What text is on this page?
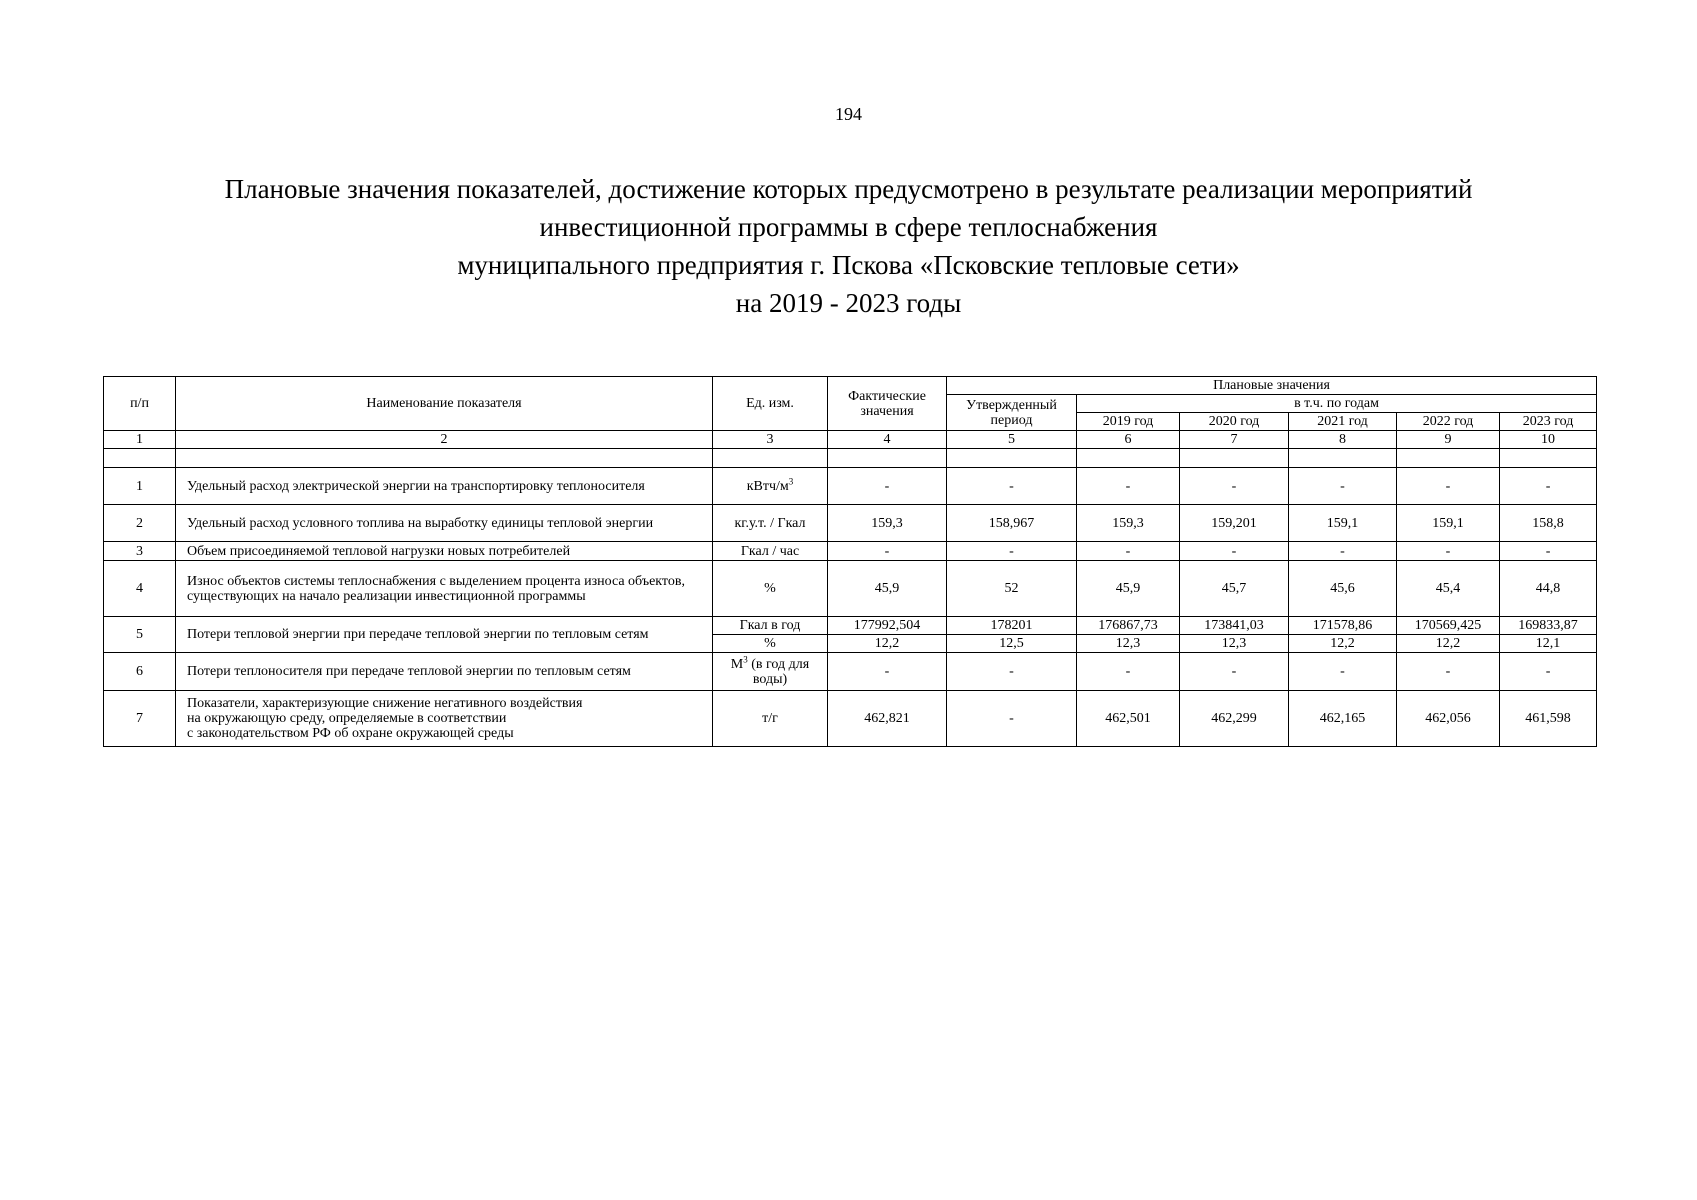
194
Плановые значения показателей, достижение которых предусмотрено в результате реализации мероприятий
инвестиционной программы в сфере теплоснабжения
муниципального предприятия г. Пскова «Псковские тепловые сети»
на 2019 - 2023 годы
п/п	Наименование показателя	Ед. изм.	Фактические значения	Плановые значения					
				Утвержденный период	в т.ч. по годам				
					2019 год	2020 год	2021 год	2022 год	2023 год
1	2	3	4	5	6	7	8	9	10

1	Удельный расход электрической энергии на транспортировку теплоносителя	кВтч/$м^3$	-	-	-	-	-	-	-
2	Удельный расход условного топлива на выработку единицы тепловой энергии	кг.у.т. / Гкал	159,3	158,967	159,3	159,201	159,1	159,1	158,8
3	Объем присоединяемой тепловой нагрузки новых потребителей	Гкал / час	-	-	-	-	-	-	-
4	Износ объектов системы теплоснабжения с выделением процента износа объектов, существующих на начало реализации инвестиционной программы	%	45,9	52	45,9	45,7	45,6	45,4	44,8
5	Потери тепловой энергии при передаче тепловой энергии по тепловым сетям	Гкал в год	177992,504	178201	176867,73	173841,03	171578,86	170569,425	169833,87
		%	12,2	12,5	12,3	12,3	12,2	12,2	12,1
6	Потери теплоносителя при передаче тепловой энергии по тепловым сетям	$М^3$ (в год для воды)	-	-	-	-	-	-	-
7	Показатели, характеризующие снижение негативного воздействия
на окружающую среду, определяемые в соответствии
с законодательством РФ об охране окружающей среды	т/г	462,821	-	462,501	462,299	462,165	462,056	461,598
